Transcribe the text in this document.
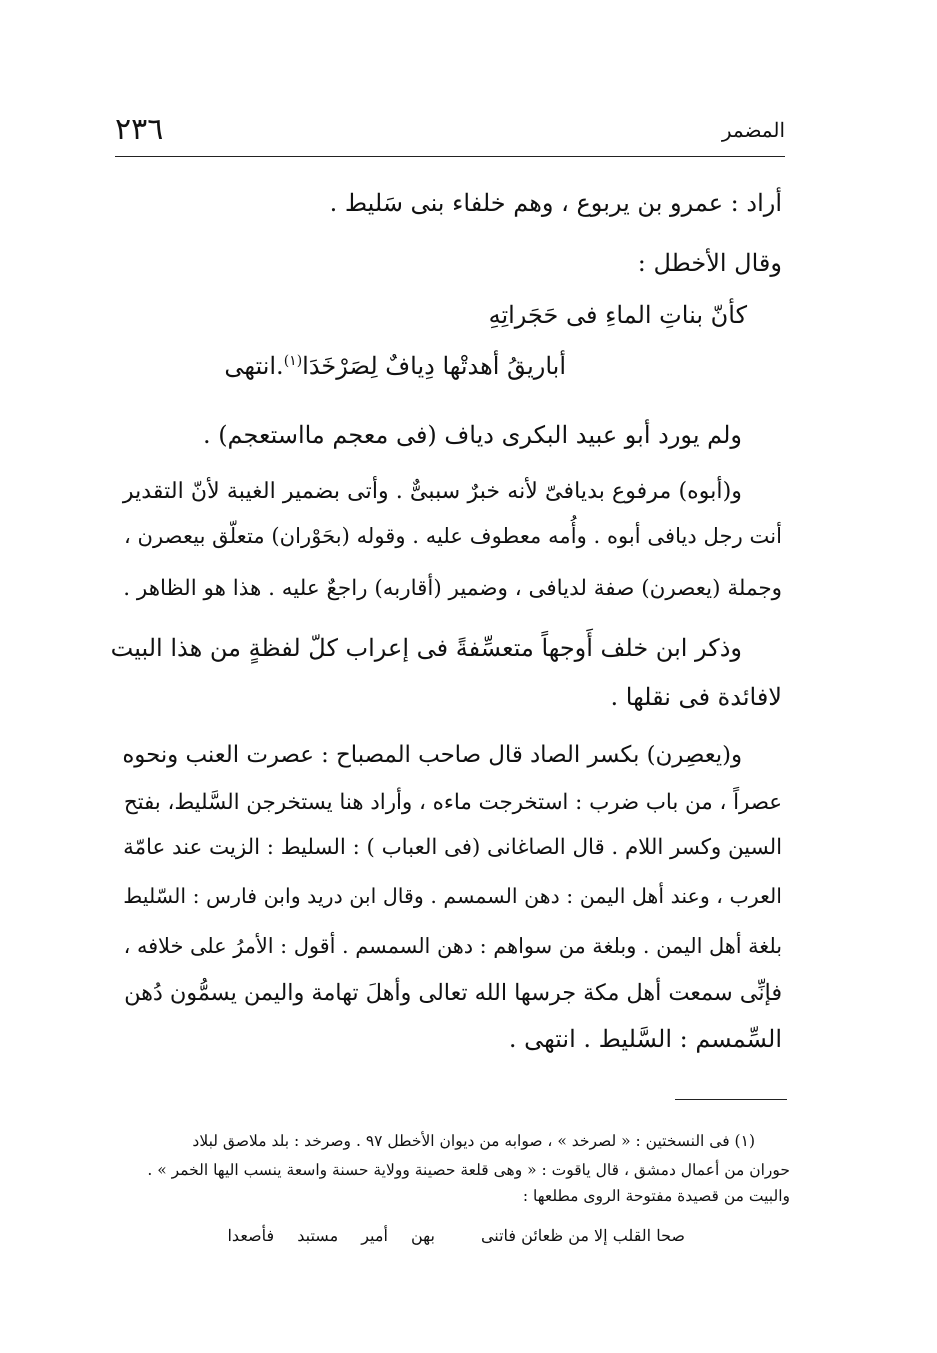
٢٣٦	المضمر
أراد : عمرو بن يربوع ، وهم خلفاء بنى سَليط .
وقال الأخطل :
كأنّ بناتِ الماءِ فى حَجَراتِهِ
أباريقُ أهدتْها دِيافٌ لِصَرْخَدَا$^{(١)}$.انتهى
ولم يورد أبو عبيد البكرى دياف (فى معجم مااستعجم) .
و(أبوه) مرفوع بديافىّ لأنه خبرٌ سببىٌّ . وأتى بضمير الغيبة لأنّ التقدير
أنت رجل ديافى أبوه . وأُمه معطوف عليه . وقوله (بحَوْران) متعلّق بيعصرن ،
وجملة (يعصرن) صفة لديافى ، وضمير (أقاربه) راجعٌ عليه . هذا هو الظاهر .
وذكر ابن خلف أَوجهاً متعسِّفةً فى إعراب كلّ لفظةٍ من هذا البيت
لافائدة فى نقلها .
و(يعصِرن) بكسر الصاد قال صاحب المصباح : عصرت العنب ونحوه
عصراً ، من باب ضرب : استخرجت ماءه ، وأراد هنا يستخرجن السَّليط، بفتح
السين وكسر اللام . قال الصاغانى (فى العباب ) : السليط : الزيت عند عامّة
العرب ، وعند أهل اليمن : دهن السمسم . وقال ابن دريد وابن فارس : السّليط
بلغة أهل اليمن . وبلغة من سواهم : دهن السمسم . أقول : الأمرُ على خلافه ،
فإنِّى سمعت أهل مكة جرسها الله تعالى وأهلَ تهامة واليمن يسمُّون دُهن
السِّمسم : السَّليط . انتهى .
(١) فى النسختين : « لصرخد » ، صوابه من ديوان الأخطل ٩٧ . وصرخد : بلد ملاصق لبلاد
حوران من أعمال دمشق ، قال ياقوت : « وهى قلعة حصينة وولاية حسنة واسعة ينسب اليها الخمر » .
والبيت من قصيدة مفتوحة الروى مطلعها :
صحا القلب إلا من ظعائن فاتنى
بهن أمير مستبد فأصعدا
